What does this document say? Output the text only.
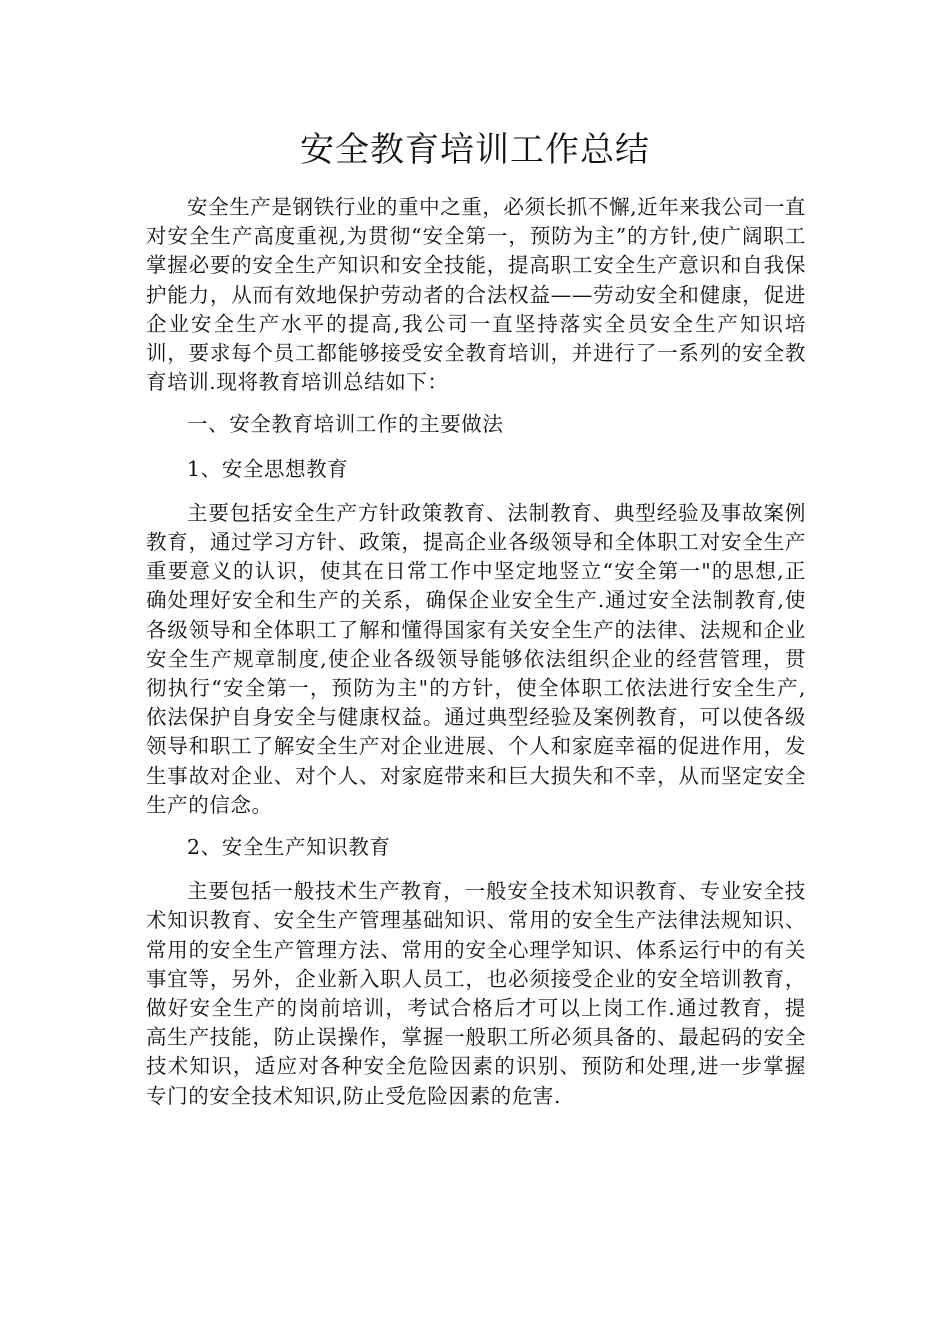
安全教育培训工作总结

安全生产是钢铁行业的重中之重，必须长抓不懈,近年来我公司一直对安全生产高度重视,为贯彻“安全第一，预防为主”的方针,使广阔职工掌握必要的安全生产知识和安全技能，提高职工安全生产意识和自我保护能力，从而有效地保护劳动者的合法权益——劳动安全和健康，促进企业安全生产水平的提高,我公司一直坚持落实全员安全生产知识培训，要求每个员工都能够接受安全教育培训，并进行了一系列的安全教育培训.现将教育培训总结如下：

一、安全教育培训工作的主要做法

1、安全思想教育

主要包括安全生产方针政策教育、法制教育、典型经验及事故案例教育，通过学习方针、政策，提高企业各级领导和全体职工对安全生产重要意义的认识，使其在日常工作中坚定地竖立“安全第一"的思想,正确处理好安全和生产的关系，确保企业安全生产.通过安全法制教育,使各级领导和全体职工了解和懂得国家有关安全生产的法律、法规和企业安全生产规章制度,使企业各级领导能够依法组织企业的经营管理，贯彻执行“安全第一，预防为主"的方针，使全体职工依法进行安全生产,依法保护自身安全与健康权益。通过典型经验及案例教育，可以使各级领导和职工了解安全生产对企业进展、个人和家庭幸福的促进作用，发生事故对企业、对个人、对家庭带来和巨大损失和不幸，从而坚定安全生产的信念。

2、安全生产知识教育

主要包括一般技术生产教育，一般安全技术知识教育、专业安全技术知识教育、安全生产管理基础知识、常用的安全生产法律法规知识、常用的安全生产管理方法、常用的安全心理学知识、体系运行中的有关事宜等，另外，企业新入职人员工，也必须接受企业的安全培训教育，做好安全生产的岗前培训，考试合格后才可以上岗工作.通过教育，提高生产技能，防止误操作，掌握一般职工所必须具备的、最起码的安全技术知识，适应对各种安全危险因素的识别、预防和处理,进一步掌握专门的安全技术知识,防止受危险因素的危害.
